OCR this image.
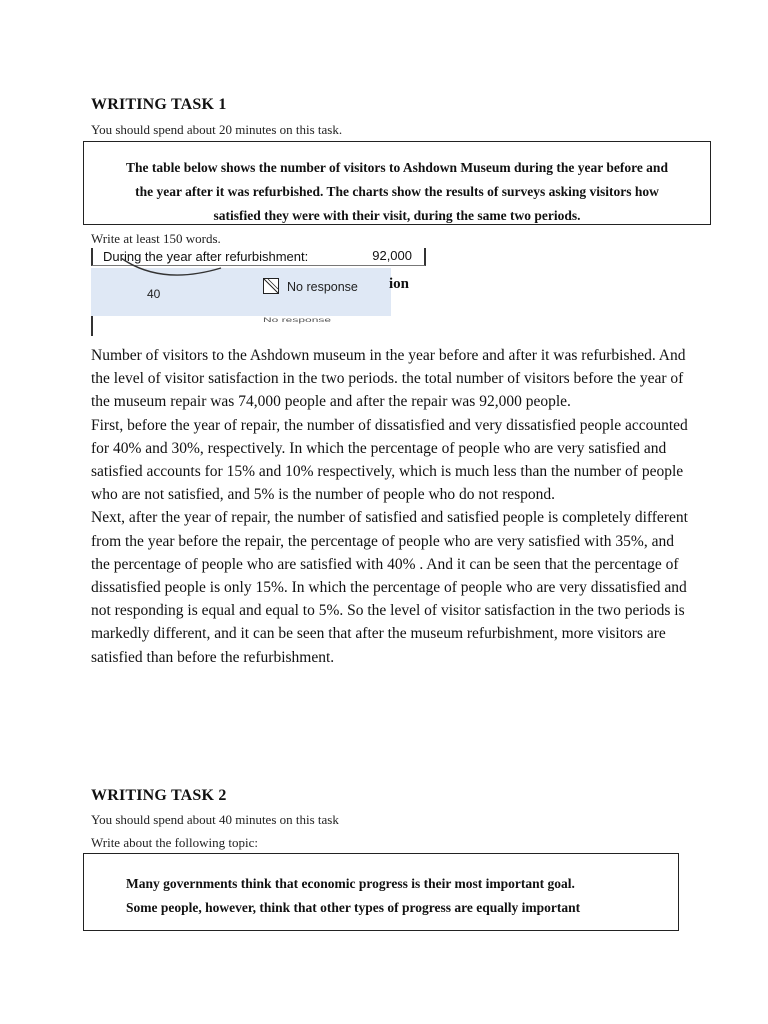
WRITING TASK 1
You should spend about 20 minutes on this task.
The table below shows the number of visitors to Ashdown Museum during the year before and
the year after it was refurbished. The charts show the results of surveys asking visitors how
satisfied they were with their visit, during the same two periods.
Write at least 150 words.
During the year after refurbishment:
40	No response
No response
92,000
ion

Number of visitors to the Ashdown museum in the year before and after it was refurbished. And the level of visitor satisfaction in the two periods. the total number of visitors before the year of the museum repair was 74,000 people and after the repair was 92,000 people.

First, before the year of repair, the number of dissatisfied and very dissatisfied people accounted for 40% and 30%, respectively. In which the percentage of people who are very satisfied and satisfied accounts for 15% and 10% respectively, which is much less than the number of people who are not satisfied, and 5% is the number of people who do not respond.

Next, after the year of repair, the number of satisfied and satisfied people is completely different from the year before the repair, the percentage of people who are very satisfied with 35%, and the percentage of people who are satisfied with 40% . And it can be seen that the percentage of dissatisfied people is only 15%. In which the percentage of people who are very dissatisfied and not responding is equal and equal to 5%. So the level of visitor satisfaction in the two periods is markedly different, and it can be seen that after the museum refurbishment, more visitors are satisfied than before the refurbishment.

WRITING TASK 2
You should spend about 40 minutes on this task
Write about the following topic:
Many governments think that economic progress is their most important goal.
Some people, however, think that other types of progress are equally important
